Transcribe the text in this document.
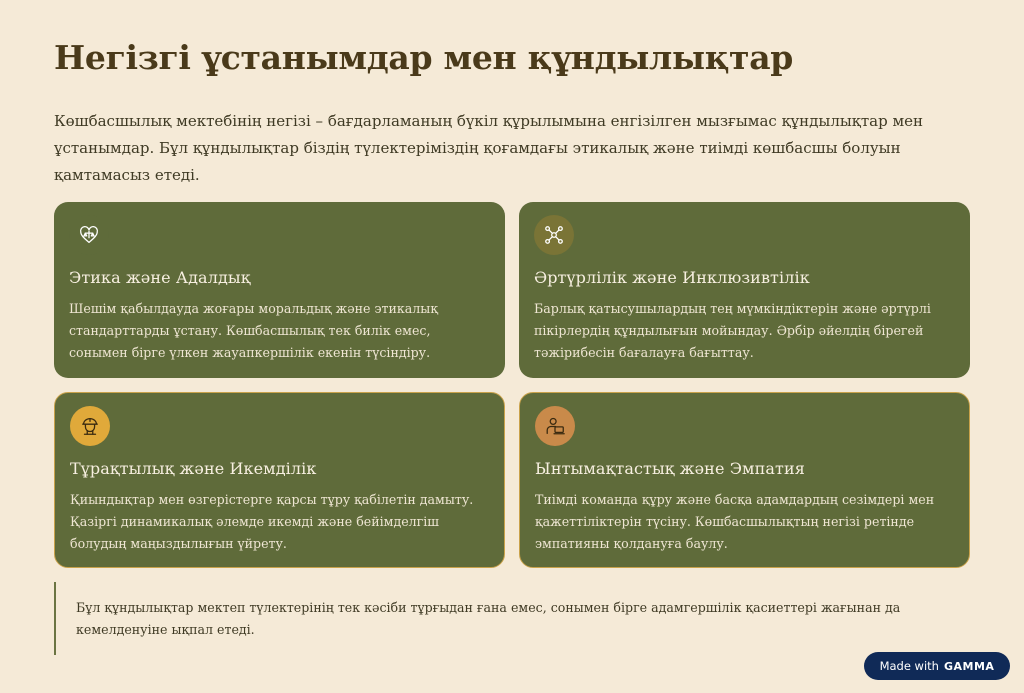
Негізгі ұстанымдар мен құндылықтар

Көшбасшылық мектебінің негізі – бағдарламаның бүкіл құрылымына енгізілген мызғымас құндылықтар мен ұстанымдар. Бұл құндылықтар біздің түлектеріміздің қоғамдағы этикалық және тиімді көшбасшы болуын қамтамасыз етеді.

Этика және Адалдық

Шешім қабылдауда жоғары моральдық және этикалық стандарттарды ұстану. Көшбасшылық тек билік емес, сонымен бірге үлкен жауапкершілік екенін түсіндіру.

Әртүрлілік және Инклюзивтілік

Барлық қатысушылардың тең мүмкіндіктерін және әртүрлі пікірлердің құндылығын мойындау. Әрбір әйелдің бірегей тәжірибесін бағалауға бағыттау.

Тұрақтылық және Икемділік

Қиындықтар мен өзгерістерге қарсы тұру қабілетін дамыту. Қазіргі динамикалық әлемде икемді және бейімделгіш болудың маңыздылығын үйрету.

Ынтымақтастық және Эмпатия

Тиімді команда құру және басқа адамдардың сезімдері мен қажеттіліктерін түсіну. Көшбасшылықтың негізі ретінде эмпатияны қолдануға баулу.

Бұл құндылықтар мектеп түлектерінің тек кәсіби тұрғыдан ғана емес, сонымен бірге адамгершілік қасиеттері жағынан да кемелденуіне ықпал етеді.
Made with GAMMA
